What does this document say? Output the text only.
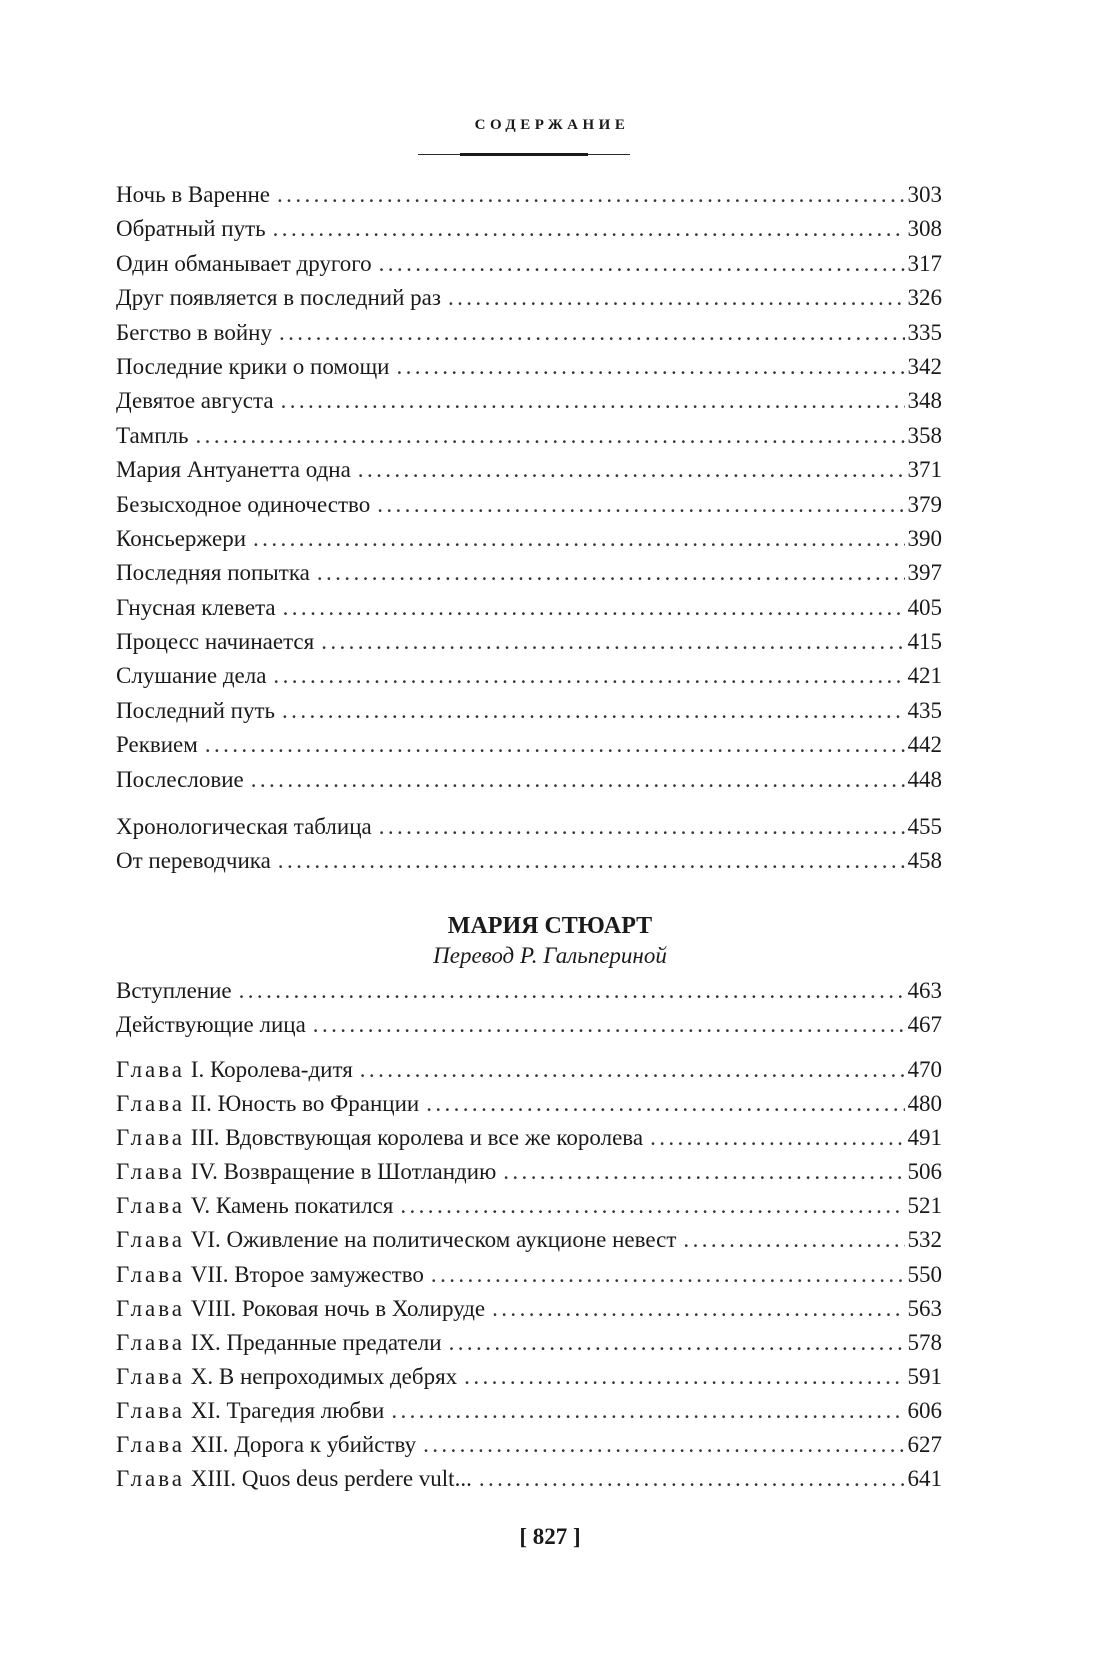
СОДЕРЖАНИЕ
Ночь в Варенне .....	303
Обратный путь .....	308
Один обманывает другого .....	317
Друг появляется в последний раз .....	326
Бегство в войну .....	335
Последние крики о помощи .....	342
Девятое августа .....	348
Тампль .....	358
Мария Антуанетта одна .....	371
Безысходное одиночество .....	379
Консьержери .....	390
Последняя попытка .....	397
Гнусная клевета .....	405
Процесс начинается .....	415
Слушание дела .....	421
Последний путь .....	435
Реквием .....	442
Послесловие .....	448
Хронологическая таблица .....	455
От переводчика .....	458
МАРИЯ СТЮАРТ
Перевод Р. Гальпериной
Вступление .....	463
Действующие лица .....	467
Глава I. Королева-дитя .....	470
Глава II. Юность во Франции .....	480
Глава III. Вдовствующая королева и все же королева .....	491
Глава IV. Возвращение в Шотландию .....	506
Глава V. Камень покатился .....	521
Глава VI. Оживление на политическом аукционе невест .....	532
Глава VII. Второе замужество .....	550
Глава VIII. Роковая ночь в Холируде .....	563
Глава IX. Преданные предатели .....	578
Глава X. В непроходимых дебрях .....	591
Глава XI. Трагедия любви .....	606
Глава XII. Дорога к убийству .....	627
Глава XIII. Quos deus perdere vult... .....	641
[ 827 ]
